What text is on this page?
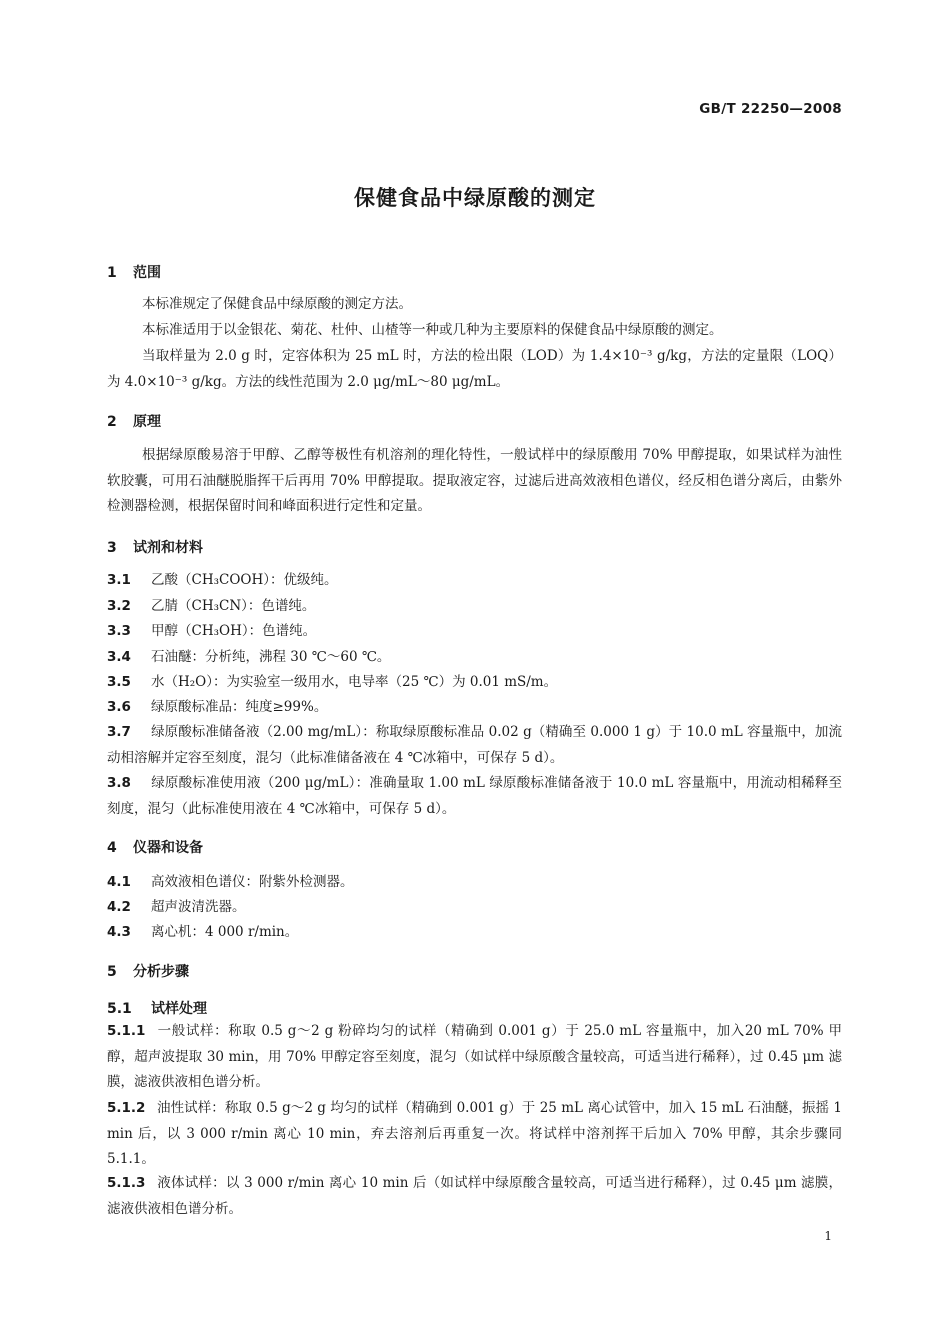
GB/T 22250—2008
保健食品中绿原酸的测定
1 范围
本标准规定了保健食品中绿原酸的测定方法。
本标准适用于以金银花、菊花、杜仲、山楂等一种或几种为主要原料的保健食品中绿原酸的测定。
当取样量为 2.0 g 时，定容体积为 25 mL 时，方法的检出限（LOD）为 1.4×10⁻³ g/kg，方法的定量限（LOQ）为 4.0×10⁻³ g/kg。方法的线性范围为 2.0 μg/mL～80 μg/mL。
2 原理
根据绿原酸易溶于甲醇、乙醇等极性有机溶剂的理化特性，一般试样中的绿原酸用 70% 甲醇提取，如果试样为油性软胶囊，可用石油醚脱脂挥干后再用 70% 甲醇提取。提取液定容，过滤后进高效液相色谱仪，经反相色谱分离后，由紫外检测器检测，根据保留时间和峰面积进行定性和定量。
3 试剂和材料
3.1 乙酸（CH₃COOH）：优级纯。
3.2 乙腈（CH₃CN）：色谱纯。
3.3 甲醇（CH₃OH）：色谱纯。
3.4 石油醚：分析纯，沸程 30 ℃～60 ℃。
3.5 水（H₂O）：为实验室一级用水，电导率（25 ℃）为 0.01 mS/m。
3.6 绿原酸标准品：纯度≥99%。
3.7 绿原酸标准储备液（2.00 mg/mL）：称取绿原酸标准品 0.02 g（精确至 0.000 1 g）于 10.0 mL 容量瓶中，加流动相溶解并定容至刻度，混匀（此标准储备液在 4 ℃冰箱中，可保存 5 d）。
3.8 绿原酸标准使用液（200 μg/mL）：准确量取 1.00 mL 绿原酸标准储备液于 10.0 mL 容量瓶中，用流动相稀释至刻度，混匀（此标准使用液在 4 ℃冰箱中，可保存 5 d）。
4 仪器和设备
4.1 高效液相色谱仪：附紫外检测器。
4.2 超声波清洗器。
4.3 离心机：4 000 r/min。
5 分析步骤
5.1 试样处理
5.1.1 一般试样：称取 0.5 g～2 g 粉碎均匀的试样（精确到 0.001 g）于 25.0 mL 容量瓶中，加入20 mL 70% 甲醇，超声波提取 30 min，用 70% 甲醇定容至刻度，混匀（如试样中绿原酸含量较高，可适当进行稀释），过 0.45 μm 滤膜，滤液供液相色谱分析。
5.1.2 油性试样：称取 0.5 g～2 g 均匀的试样（精确到 0.001 g）于 25 mL 离心试管中，加入 15 mL 石油醚，振摇 1 min 后，以 3 000 r/min 离心 10 min，弃去溶剂后再重复一次。将试样中溶剂挥干后加入 70% 甲醇，其余步骤同 5.1.1。
5.1.3 液体试样：以 3 000 r/min 离心 10 min 后（如试样中绿原酸含量较高，可适当进行稀释），过 0.45 μm 滤膜，滤液供液相色谱分析。
1
